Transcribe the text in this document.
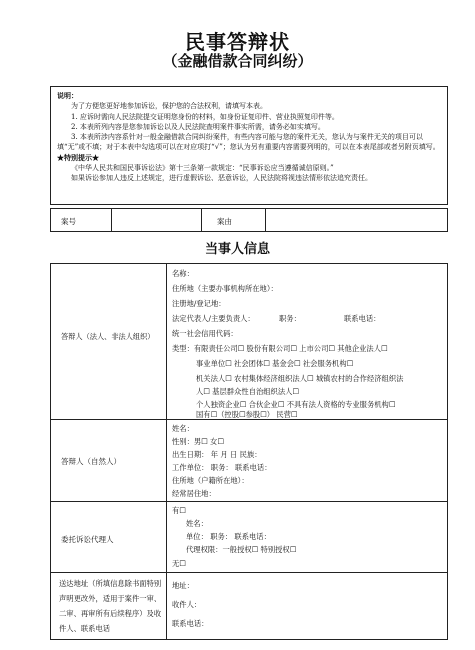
民事答辩状
（金融借款合同纠纷）

说明：

为了方便您更好地参加诉讼，保护您的合法权利，请填写本表。

1. 应诉时需向人民法院提交证明您身份的材料，如身份证复印件、营业执照复印件等。

2. 本表所列内容是您参加诉讼以及人民法院查明案件事实所需，请务必如实填写。

3. 本表所涉内容系针对一般金融借款合同纠纷案件，有些内容可能与您的案件无关，您认为与案件无关的项目可以填“无”或不填；对于本表中勾选项可以在对应项打“√”；您认为另有重要内容需要列明的，可以在本表尾部或者另附页填写。

★特别提示★

《中华人民共和国民事诉讼法》第十三条第一款规定：“民事诉讼应当遵循诚信原则。”

如果诉讼参加人违反上述规定，进行虚假诉讼、恶意诉讼，人民法院将视违法情形依法追究责任。

案号	案由
当事人信息
答辩人（法人、非法人组织）
名称：
住所地（主要办事机构所在地）：
注册地/登记地：
法定代表人/主要负责人：	职务：	联系电话：
统一社会信用代码：
类型：有限责任公司☐ 股份有限公司☐ 上市公司☐ 其他企业法人☐
事业单位☐ 社会团体☐ 基金会☐ 社会服务机构☐
机关法人☐ 农村集体经济组织法人☐ 城镇农村的合作经济组织法
人☐ 基层群众性自治组织法人☐
个人独资企业☐ 合伙企业☐ 不具有法人资格的专业服务机构☐
国有☐（控股☐参股☐） 民营☐
答辩人（自然人）
姓名：
性别：男☐ 女☐
出生日期： 年 月 日 民族：
工作单位： 职务： 联系电话：
住所地（户籍所在地）：
经常居住地：
委托诉讼代理人
有☐
姓名：
单位： 职务： 联系电话：
代理权限：一般授权☐ 特别授权☐
无☐
送达地址（所填信息除书面特别
声明更改外，适用于案件一审、
二审、再审所有后续程序）及收
件人、联系电话
地址：
收件人：
联系电话：
